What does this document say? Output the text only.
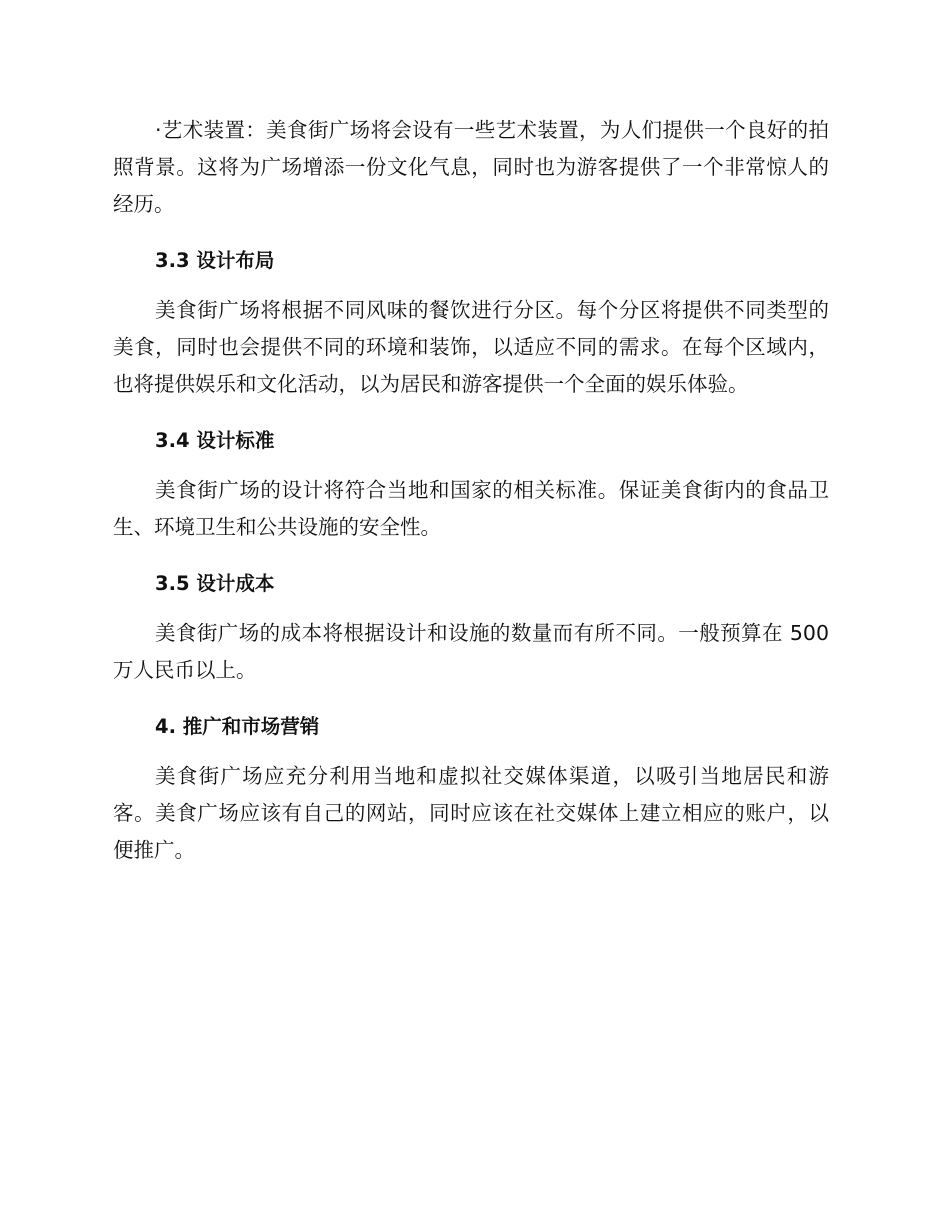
·艺术装置：美食街广场将会设有一些艺术装置，为人们提供一个良好的拍照背景。这将为广场增添一份文化气息，同时也为游客提供了一个非常惊人的经历。

3.3 设计布局

美食街广场将根据不同风味的餐饮进行分区。每个分区将提供不同类型的美食，同时也会提供不同的环境和装饰，以适应不同的需求。在每个区域内，也将提供娱乐和文化活动，以为居民和游客提供一个全面的娱乐体验。

3.4 设计标准

美食街广场的设计将符合当地和国家的相关标准。保证美食街内的食品卫生、环境卫生和公共设施的安全性。

3.5 设计成本

美食街广场的成本将根据设计和设施的数量而有所不同。一般预算在 500 万人民币以上。

4. 推广和市场营销

美食街广场应充分利用当地和虚拟社交媒体渠道，以吸引当地居民和游客。美食广场应该有自己的网站，同时应该在社交媒体上建立相应的账户，以便推广。
